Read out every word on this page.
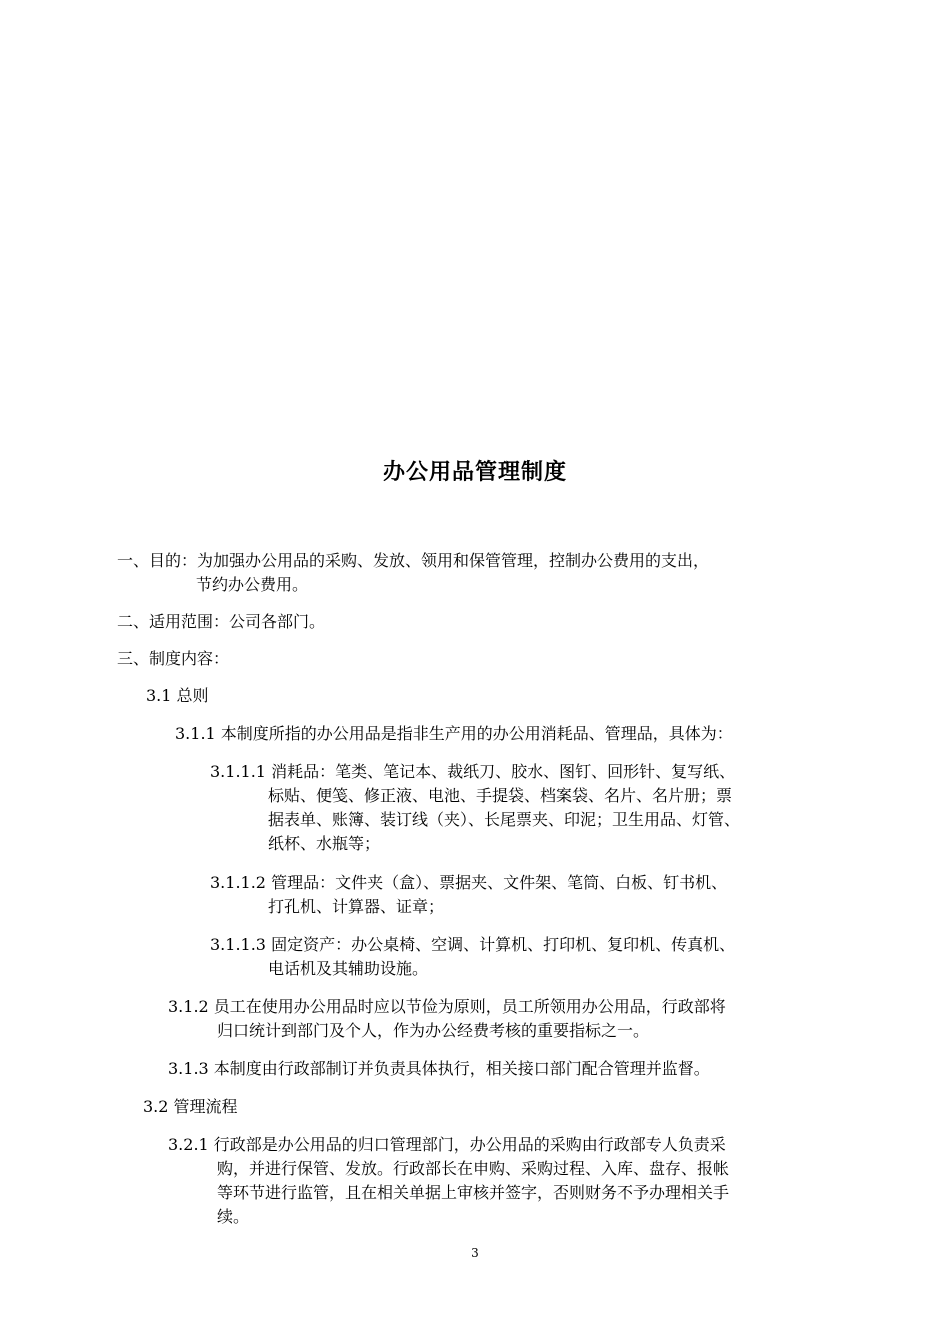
办公用品管理制度
一、目的：为加强办公用品的采购、发放、领用和保管管理，控制办公费用的支出，
节约办公费用。
二、适用范围：公司各部门。
三、制度内容：
3.1 总则
3.1.1 本制度所指的办公用品是指非生产用的办公用消耗品、管理品，具体为：
3.1.1.1 消耗品：笔类、笔记本、裁纸刀、胶水、图钉、回形针、复写纸、
标贴、便笺、修正液、电池、手提袋、档案袋、名片、名片册；票
据表单、账簿、装订线（夹）、长尾票夹、印泥；卫生用品、灯管、
纸杯、水瓶等；
3.1.1.2 管理品：文件夹（盒）、票据夹、文件架、笔筒、白板、钉书机、
打孔机、计算器、证章；
3.1.1.3 固定资产：办公桌椅、空调、计算机、打印机、复印机、传真机、
电话机及其辅助设施。
3.1.2 员工在使用办公用品时应以节俭为原则，员工所领用办公用品，行政部将
归口统计到部门及个人，作为办公经费考核的重要指标之一。
3.1.3 本制度由行政部制订并负责具体执行，相关接口部门配合管理并监督。
3.2 管理流程
3.2.1 行政部是办公用品的归口管理部门，办公用品的采购由行政部专人负责采
购，并进行保管、发放。行政部长在申购、采购过程、入库、盘存、报帐
等环节进行监管，且在相关单据上审核并签字，否则财务不予办理相关手
续。
3
